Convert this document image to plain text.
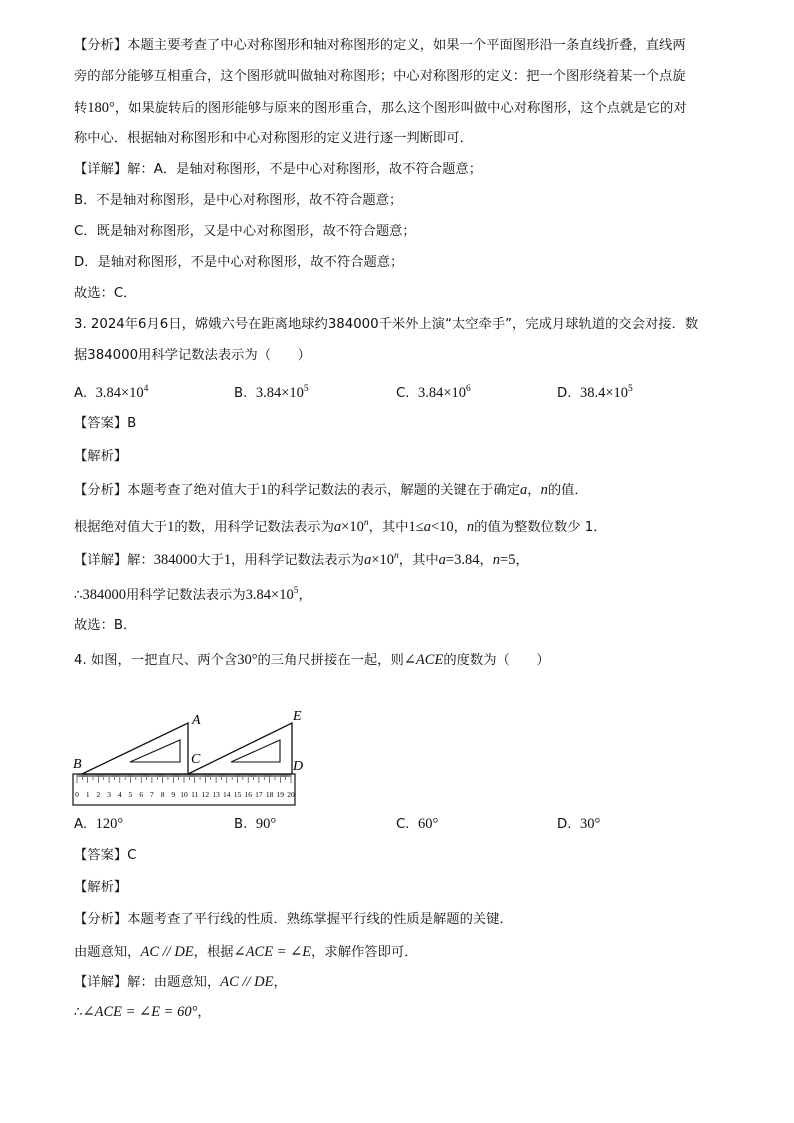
【分析】本题主要考查了中心对称图形和轴对称图形的定义，如果一个平面图形沿一条直线折叠，直线两
旁的部分能够互相重合，这个图形就叫做轴对称图形；中心对称图形的定义：把一个图形绕着某一个点旋
转180°，如果旋转后的图形能够与原来的图形重合，那么这个图形叫做中心对称图形，这个点就是它的对
称中心．根据轴对称图形和中心对称图形的定义进行逐一判断即可．
【详解】解：A．是轴对称图形，不是中心对称图形，故不符合题意；
B．不是轴对称图形，是中心对称图形，故不符合题意；
C．既是轴对称图形，又是中心对称图形，故不符合题意；
D．是轴对称图形，不是中心对称图形，故不符合题意；
故选：C．
3. 2024年6月6日，嫦娥六号在距离地球约384000千米外上演“太空牵手”，完成月球轨道的交会对接．数
据384000用科学记数法表示为（　　）
A. $3.84\times 10^4$	B. $3.84\times 10^5$	C. $3.84\times 10^6$	D. $38.4\times 10^5$
【答案】B
【解析】
【分析】本题考查了绝对值大于1的科学记数法的表示，解题的关键在于确定a，n的值．
根据绝对值大于1的数，用科学记数法表示为$a\times 10^n$，其中1≤a<10，n的值为整数位数少 1．
【详解】解：384000大于1，用科学记数法表示为$a\times 10^n$，其中a=3.84，n=5，
∴384000用科学记数法表示为$3.84\times 10^5$，
故选：B．
4. 如图，一把直尺、两个含30°的三角尺拼接在一起，则∠ACE的度数为（　　）
0 1 2 3 4 5 6 7 8 9 10 11 12 13 14 15 16 17 18 19 20
A
B	C	D
E
A. 120°	B. 90°	C. 60°	D. 30°
【答案】C
【解析】
【分析】本题考查了平行线的性质．熟练掌握平行线的性质是解题的关键．
由题意知，AC // DE，根据∠ACE = ∠E，求解作答即可．
【详解】解：由题意知，AC // DE，
∴∠ACE = ∠E = 60°，
